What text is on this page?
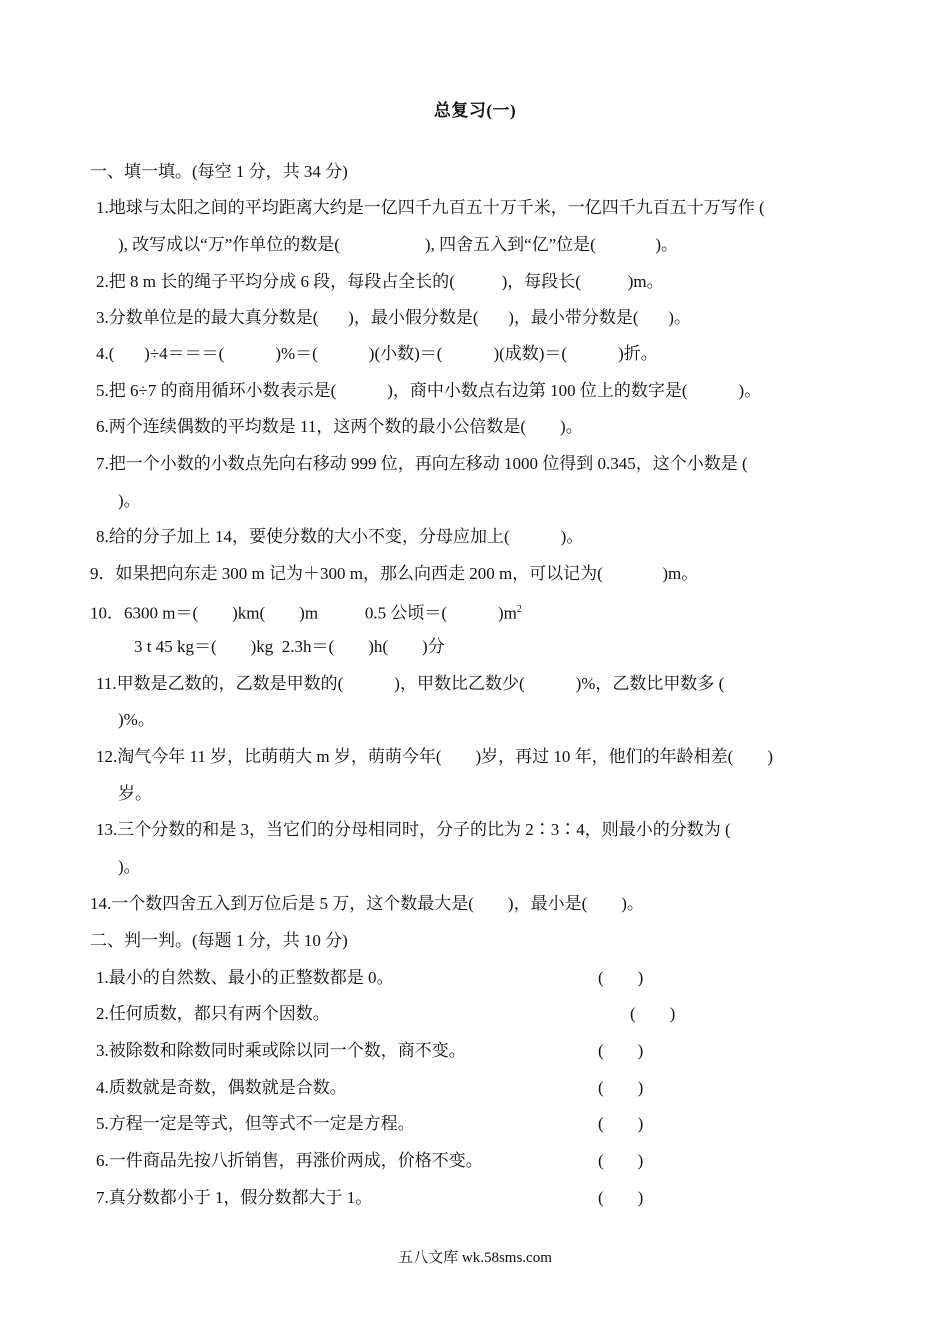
总复习(一)
一、填一填。(每空 1 分，共 34 分)
1.地球与太阳之间的平均距离大约是一亿四千九百五十万千米，一亿四千九百五十万写作 (
), 改写成以“万”作单位的数是(                    ), 四舍五入到“亿”位是(              )。
2.把 8 m 长的绳子平均分成 6 段，每段占全长的(           )，每段长(           )m。
3.分数单位是的最大真分数是(       )，最小假分数是(       )，最小带分数是(       )。
4.(       )÷4＝＝＝(            )%＝(            )(小数)＝(            )(成数)＝(            )折。
5.把 6÷7 的商用循环小数表示是(            )，商中小数点右边第 100 位上的数字是(            )。
6.两个连续偶数的平均数是 11，这两个数的最小公倍数是(        )。
7.把一个小数的小数点先向右移动 999 位，再向左移动 1000 位得到 0.345，这个小数是 (
)。
8.给的分子加上 14，要使分数的大小不变，分母应加上(            )。
9．如果把向东走 300 m 记为＋300 m，那么向西走 200 m，可以记为(              )m。
10．6300 m＝(        )km(        )m           0.5 公顷＝(            )$m^2$
3 t 45 kg＝(        )kg  2.3h＝(        )h(        )分
11.甲数是乙数的，乙数是甲数的(            )，甲数比乙数少(            )%，乙数比甲数多 (
)%。
12.淘气今年 11 岁，比萌萌大 m 岁，萌萌今年(        )岁，再过 10 年，他们的年龄相差(        )
岁。
13.三个分数的和是 3，当它们的分母相同时，分子的比为 2∶3∶4，则最小的分数为 (
)。
14.一个数四舍五入到万位后是 5 万，这个数最大是(        )，最小是(        )。
二、判一判。(每题 1 分，共 10 分)
1.最小的自然数、最小的正整数都是 0。	(        )
2.任何质数，都只有两个因数。	(        )
3.被除数和除数同时乘或除以同一个数，商不变。	(        )
4.质数就是奇数，偶数就是合数。	(        )
5.方程一定是等式，但等式不一定是方程。	(        )
6.一件商品先按八折销售，再涨价两成，价格不变。	(        )
7.真分数都小于 1，假分数都大于 1。	(        )
五八文库 wk.58sms.com
